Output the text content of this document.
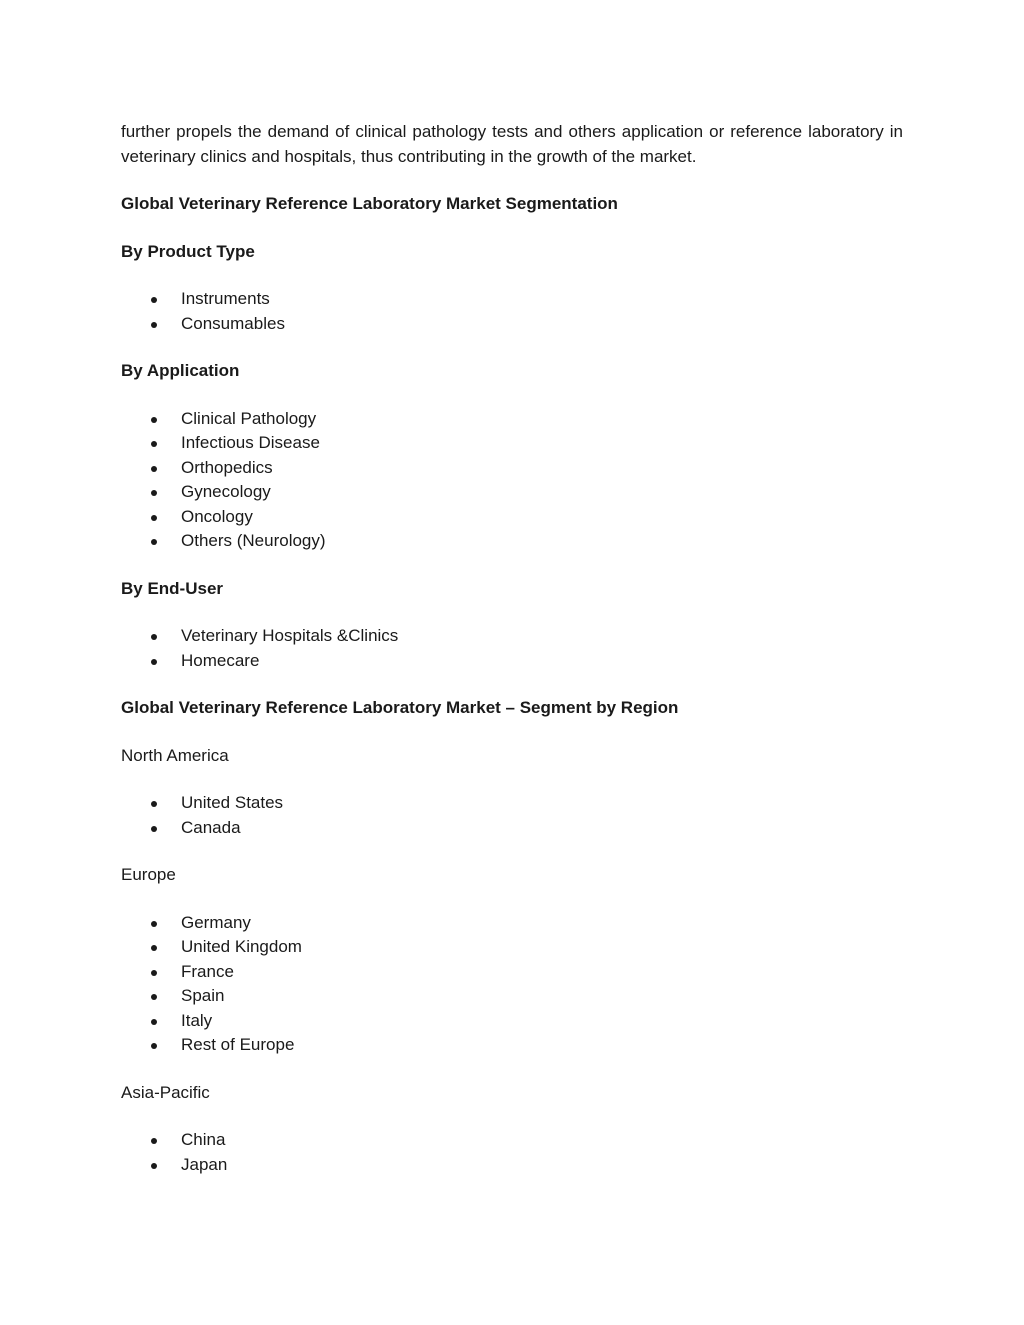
further propels the demand of clinical pathology tests and others application or reference laboratory in veterinary clinics and hospitals, thus contributing in the growth of the market.

Global Veterinary Reference Laboratory Market Segmentation

By Product Type

Instruments
Consumables

By Application

Clinical Pathology
Infectious Disease
Orthopedics
Gynecology
Oncology
Others (Neurology)

By End-User

Veterinary Hospitals &Clinics
Homecare

Global Veterinary Reference Laboratory Market – Segment by Region

North America

United States
Canada

Europe

Germany
United Kingdom
France
Spain
Italy
Rest of Europe

Asia-Pacific

China
Japan
